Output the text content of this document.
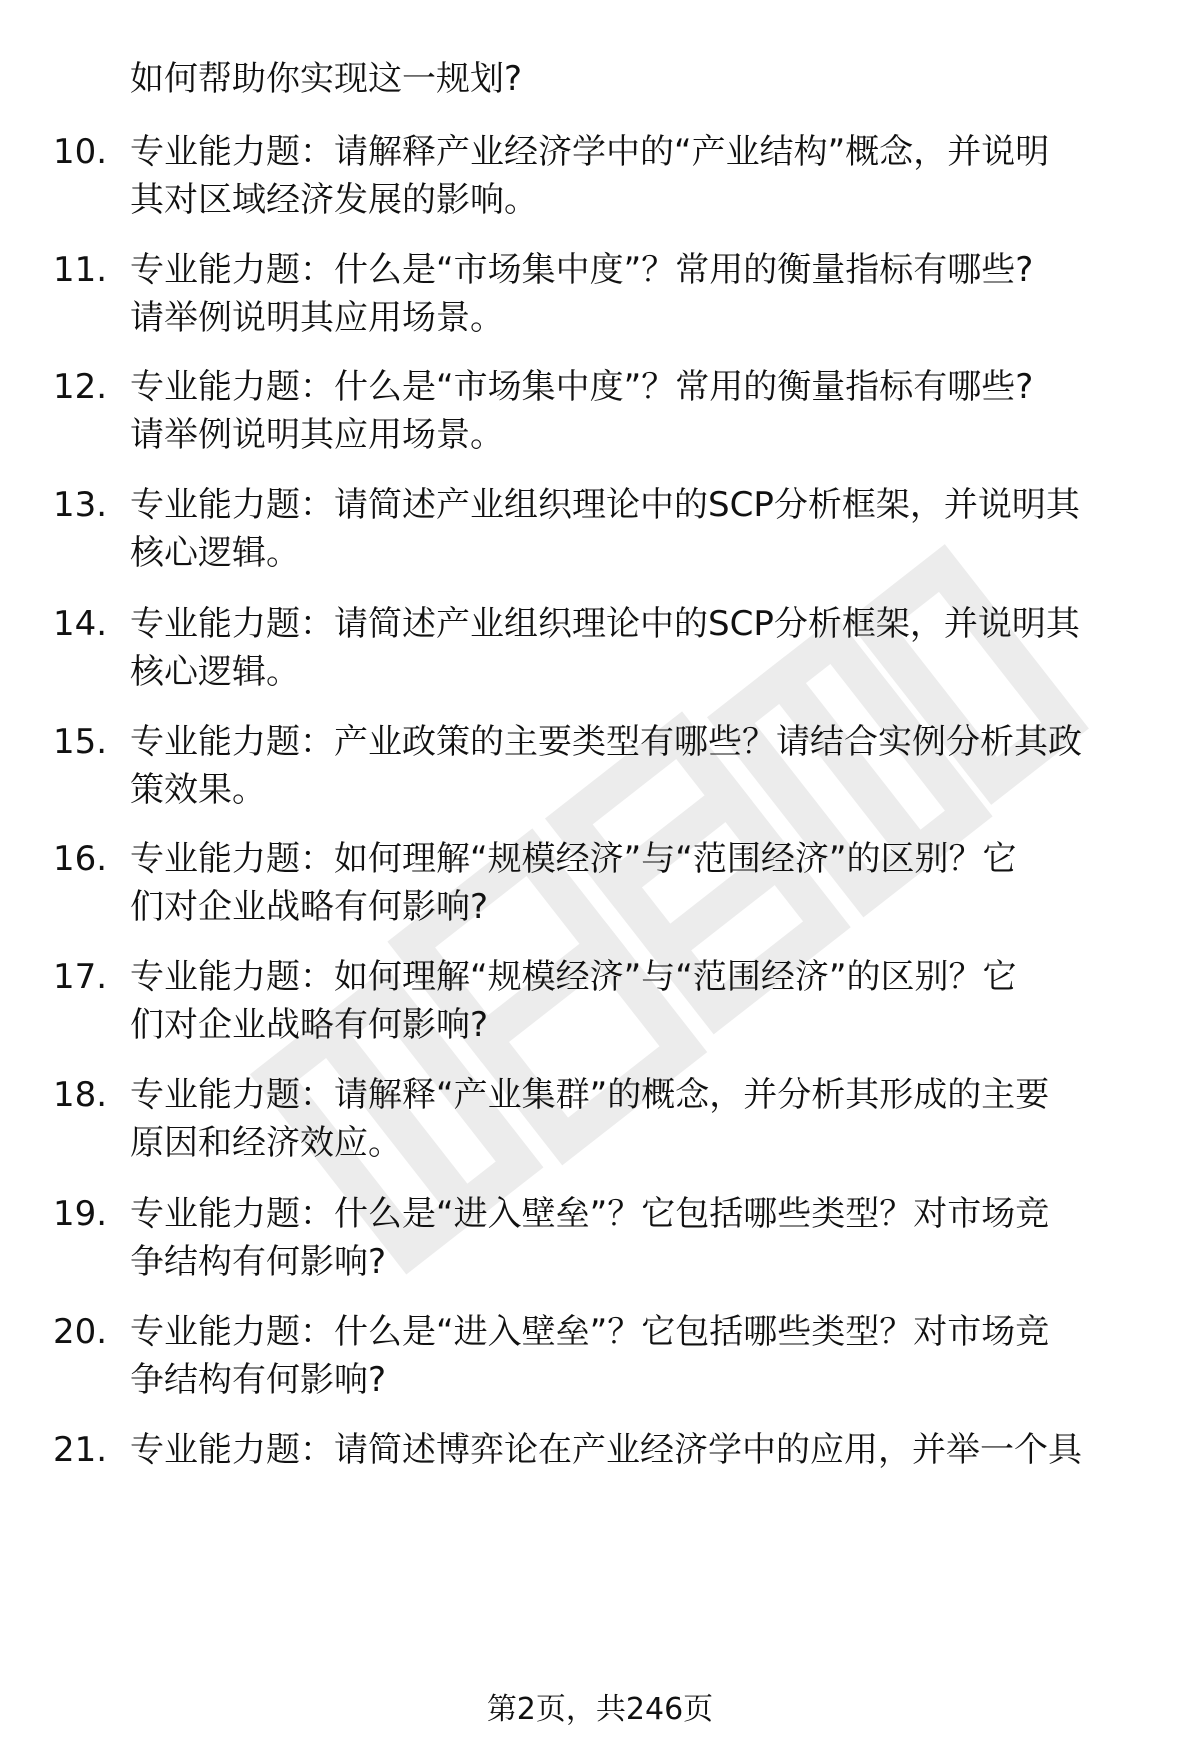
如何帮助你实现这一规划?
10. 专业能力题：请解释产业经济学中的“产业结构”概念，并说明
其对区域经济发展的影响。
11. 专业能力题：什么是“市场集中度”？常用的衡量指标有哪些?
请举例说明其应用场景。
12. 专业能力题：什么是“市场集中度”？常用的衡量指标有哪些?
请举例说明其应用场景。
13. 专业能力题：请简述产业组织理论中的SCP分析框架，并说明其
核心逻辑。
14. 专业能力题：请简述产业组织理论中的SCP分析框架，并说明其
核心逻辑。
15. 专业能力题：产业政策的主要类型有哪些？请结合实例分析其政
策效果。
16. 专业能力题：如何理解“规模经济”与“范围经济”的区别？它
们对企业战略有何影响?
17. 专业能力题：如何理解“规模经济”与“范围经济”的区别？它
们对企业战略有何影响?
18. 专业能力题：请解释“产业集群”的概念，并分析其形成的主要
原因和经济效应。
19. 专业能力题：什么是“进入壁垒”？它包括哪些类型？对市场竞
争结构有何影响?
20. 专业能力题：什么是“进入壁垒”？它包括哪些类型？对市场竞
争结构有何影响?
21. 专业能力题：请简述博弈论在产业经济学中的应用，并举一个具
第2页，共246页
